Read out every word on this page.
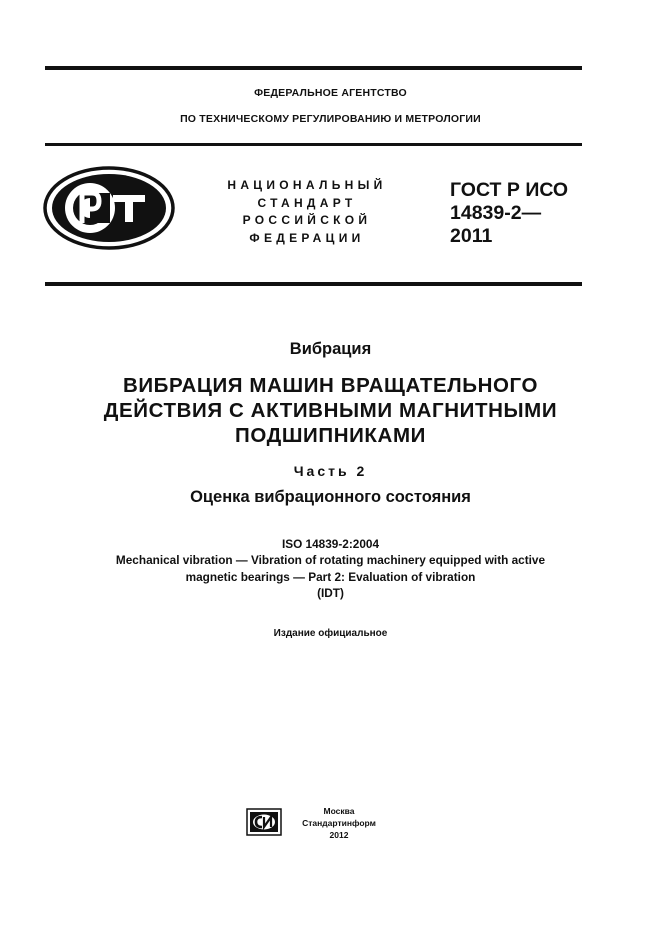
ФЕДЕРАЛЬНОЕ АГЕНТСТВО
ПО ТЕХНИЧЕСКОМУ РЕГУЛИРОВАНИЮ И МЕТРОЛОГИИ
НАЦИОНАЛЬНЫЙ
СТАНДАРТ
РОССИЙСКОЙ
ФЕДЕРАЦИИ
ГОСТ Р ИСО
14839-2—
2011
Вибрация
ВИБРАЦИЯ МАШИН ВРАЩАТЕЛЬНОГО
ДЕЙСТВИЯ С АКТИВНЫМИ МАГНИТНЫМИ
ПОДШИПНИКАМИ
Часть 2
Оценка вибрационного состояния
ISO 14839-2:2004
Mechanical vibration — Vibration of rotating machinery equipped with active
magnetic bearings — Part 2: Evaluation of vibration
(IDT)
Издание официальное
Москва
Стандартинформ
2012
